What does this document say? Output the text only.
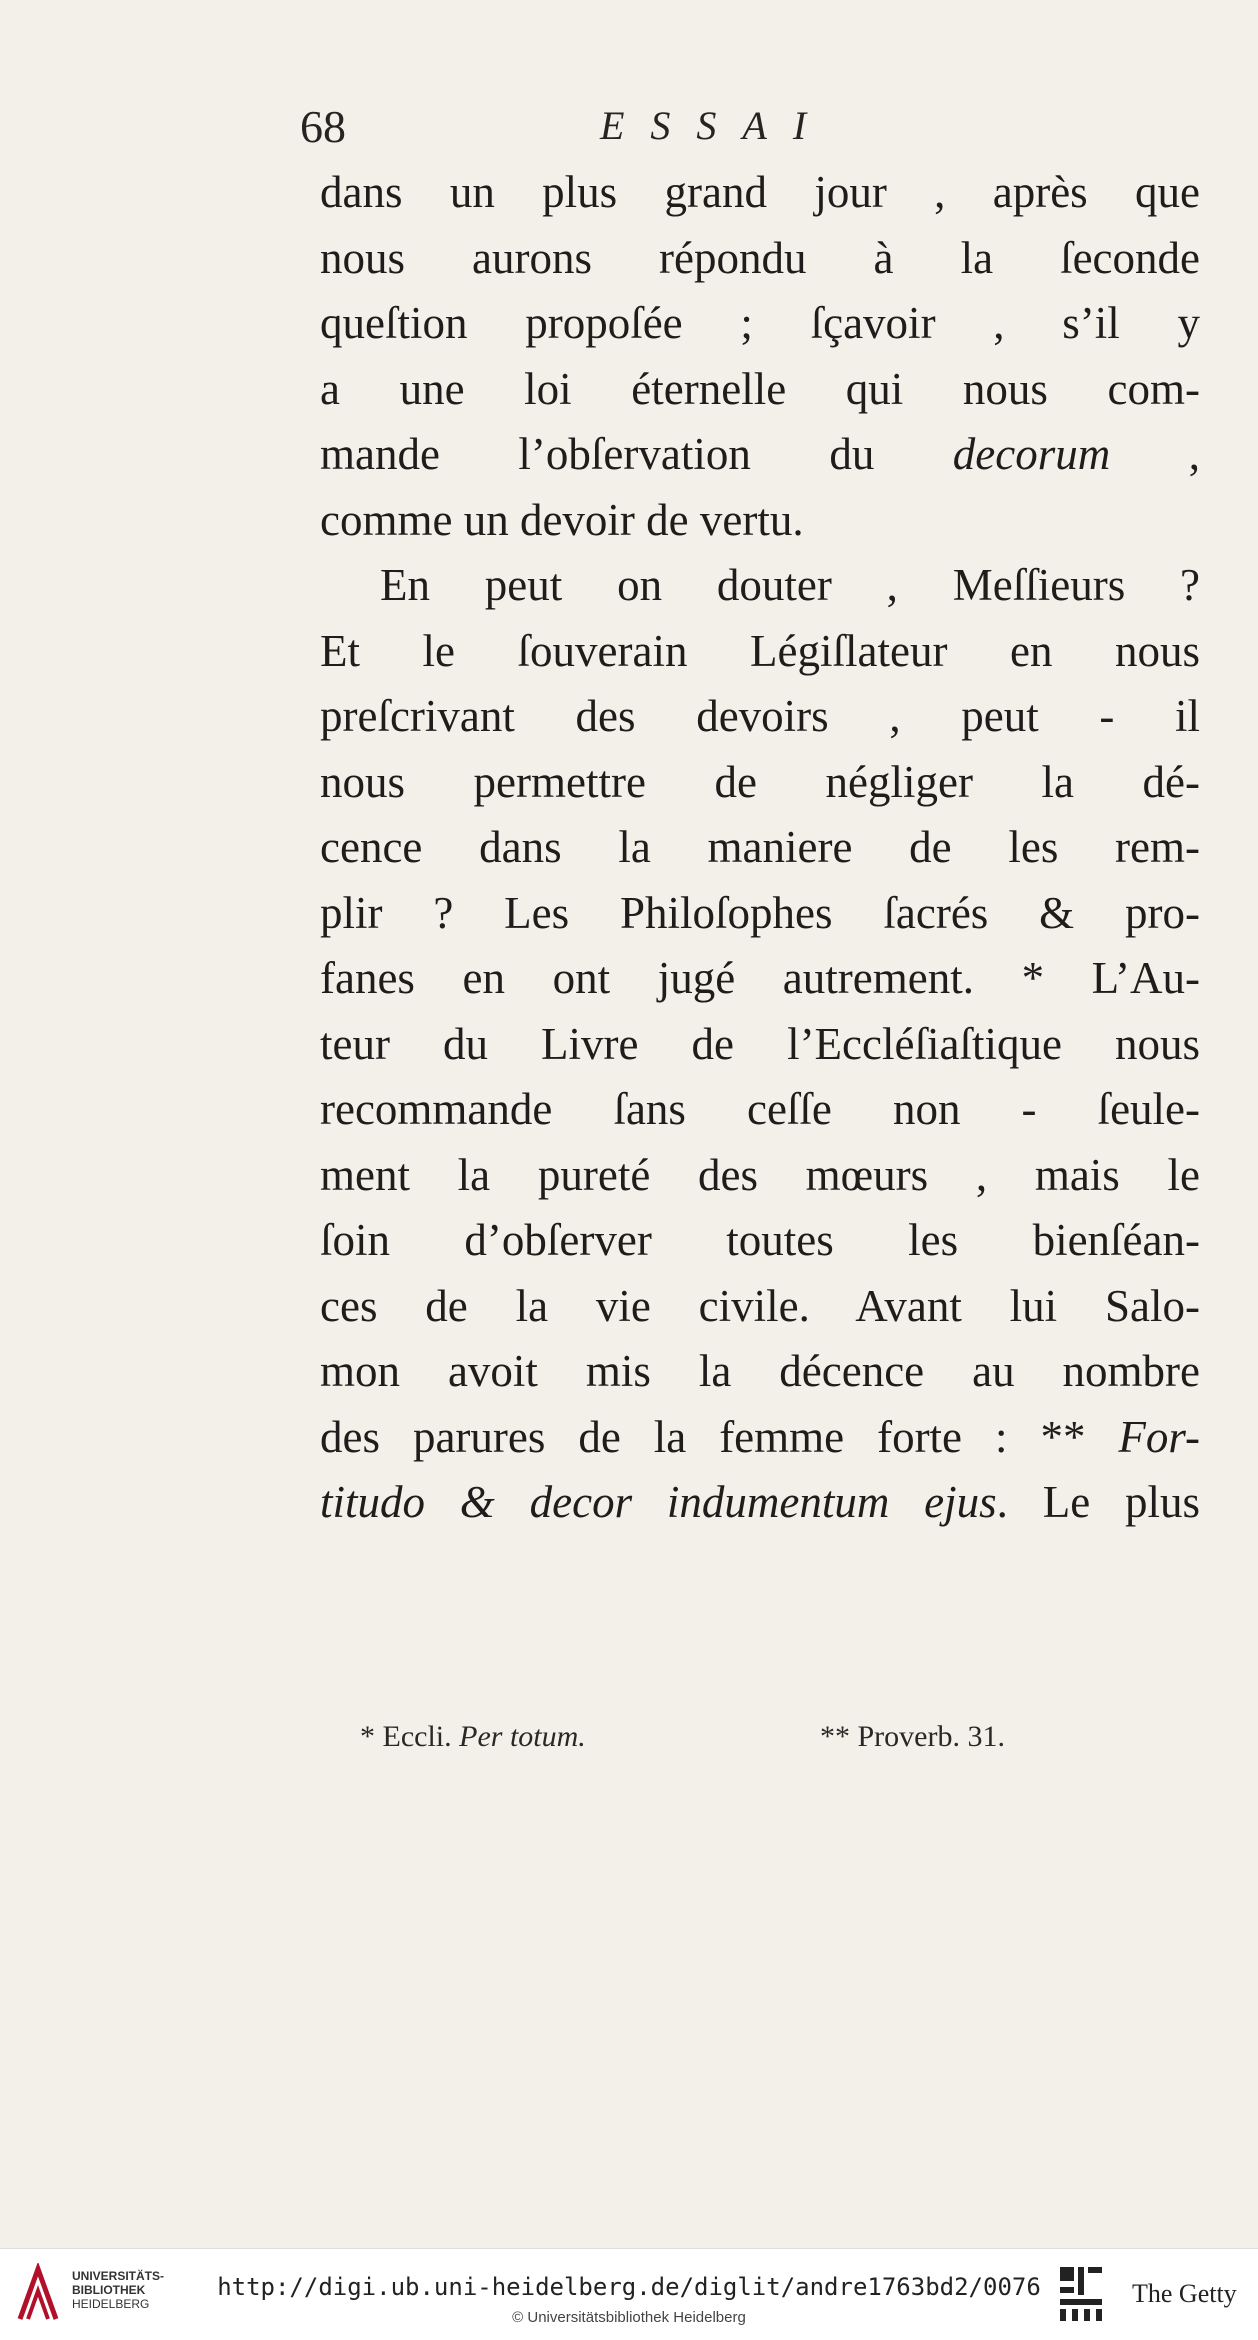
68	ESSAI
dans un plus grand jour , après que
nous aurons répondu à la ſeconde
queſtion propoſée ; ſçavoir , s’il y
a une loi éternelle qui nous com-
mande l’obſervation du decorum ,
comme un devoir de vertu.
En peut on douter , Meſſieurs ?
Et le ſouverain Légiſlateur en nous
preſcrivant des devoirs , peut - il
nous permettre de négliger la dé-
cence dans la maniere de les rem-
plir ? Les Philoſophes ſacrés & pro-
fanes en ont jugé autrement. * L’Au-
teur du Livre de l’Eccléſiaſtique nous
recommande ſans ceſſe non - ſeule-
ment la pureté des mœurs , mais le
ſoin d’obſerver toutes les bienſéan-
ces de la vie civile. Avant lui Salo-
mon avoit mis la décence au nombre
des parures de la femme forte : ** For-
titudo & decor indumentum ejus. Le plus
* Eccli. Per totum.	** Proverb. 31.
UNIVERSITÄTS-
BIBLIOTHEK
HEIDELBERG
http://digi.ub.uni-heidelberg.de/diglit/andre1763bd2/0076
© Universitätsbibliothek Heidelberg
The Getty
